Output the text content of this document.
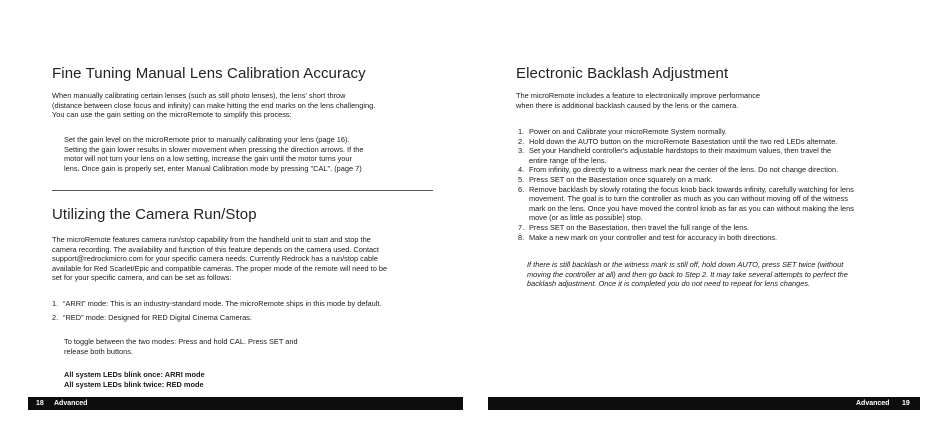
Fine Tuning Manual Lens Calibration Accuracy

When manually calibrating certain lenses (such as still photo lenses), the lens' short throw
(distance between close focus and infinity) can make hitting the end marks on the lens challenging.
You can use the gain setting on the microRemote to simplify this process:

Set the gain level on the microRemote prior to manually calibrating your lens (page 16).
Setting the gain lower results in slower movement when pressing the direction arrows. If the
motor will not turn your lens on a low setting, increase the gain until the motor turns your
lens. Once gain is properly set, enter Manual Calibration mode by pressing "CAL". (page 7)

Utilizing the Camera Run/Stop

The microRemote features camera run/stop capability from the handheld unit to start and stop the
camera recording. The availability and function of this feature depends on the camera used. Contact
support@redrockmicro.com for your specific camera needs. Currently Redrock has a run/stop cable
available for Red Scarlet/Epic and compatible cameras. The proper mode of the remote will need to be
set for your specific camera, and can be set as follows:

1. “ARRI” mode: This is an industry-standard mode. The microRemote ships in this mode by default.
2. “RED” mode: Designed for RED Digital Cinema Cameras.

To toggle between the two modes: Press and hold CAL. Press SET and
release both buttons.

All system LEDs blink once: ARRI mode
All system LEDs blink twice: RED mode

18 Advanced
Electronic Backlash Adjustment

The microRemote includes a feature to electronically improve performance
when there is additional backlash caused by the lens or the camera.

1. Power on and Calibrate your microRemote System normally.
2. Hold down the AUTO button on the microRemote Basestation until the two red LEDs alternate.
3. Set your Handheld controller's adjustable hardstops to their maximum values, then travel the
entire range of the lens.
4. From infinity, go directly to a witness mark near the center of the lens. Do not change direction.
5. Press SET on the Basestation once squarely on a mark.
6. Remove backlash by slowly rotating the focus knob back towards infinity, carefully watching for lens
movement. The goal is to turn the controller as much as you can without moving off of the witness
mark on the lens. Once you have moved the control knob as far as you can without making the lens
move (or as little as possible) stop.
7. Press SET on the Basestation, then travel the full range of the lens.
8. Make a new mark on your controller and test for accuracy in both directions.

If there is still backlash or the witness mark is still off, hold down AUTO, press SET twice (without
moving the controller at all) and then go back to Step 2. It may take several attempts to perfect the
backlash adjustment. Once it is completed you do not need to repeat for lens changes.

Advanced 19
